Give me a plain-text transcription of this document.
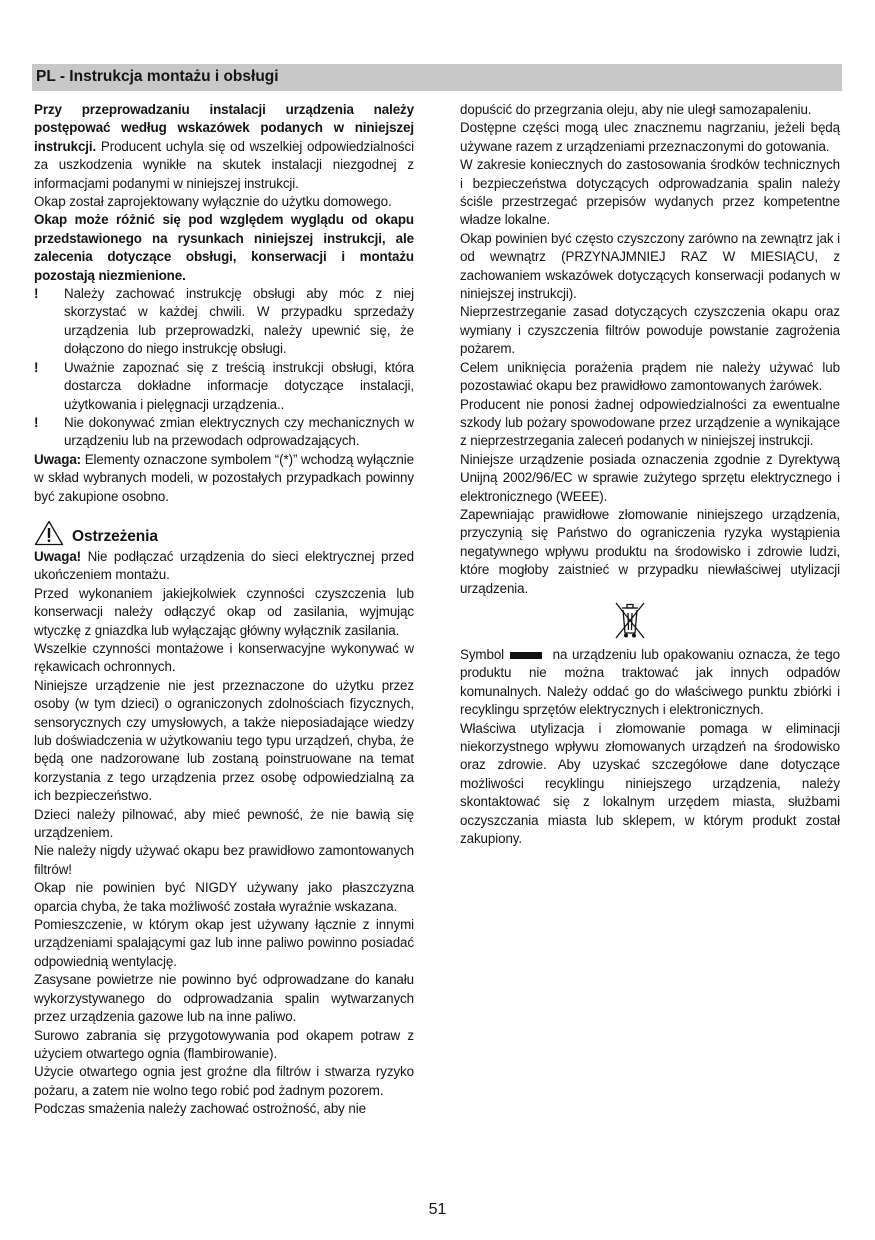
PL - Instrukcja montażu i obsługi

Przy przeprowadzaniu instalacji urządzenia należy postępować według wskazówek podanych w niniejszej instrukcji. Producent uchyla się od wszelkiej odpowiedzialności za uszkodzenia wynikłe na skutek instalacji niezgodnej z informacjami podanymi w niniejszej instrukcji.

Okap został zaprojektowany wyłącznie do użytku domowego.

Okap może różnić się pod względem wyglądu od okapu przedstawionego na rysunkach niniejszej instrukcji, ale zalecenia dotyczące obsługi, konserwacji i montażu pozostają niezmienione.

!	Należy zachować instrukcję obsługi aby móc z niej skorzystać w każdej chwili. W przypadku sprzedaży urządzenia lub przeprowadzki, należy upewnić się, że dołączono do niego instrukcję obsługi.
!	Uważnie zapoznać się z treścią instrukcji obsługi, która dostarcza dokładne informacje dotyczące instalacji, użytkowania i pielęgnacji urządzenia..
!	Nie dokonywać zmian elektrycznych czy mechanicznych w urządzeniu lub na przewodach odprowadzających.

Uwaga: Elementy oznaczone symbolem “(*)” wchodzą wyłącznie w skład wybranych modeli, w pozostałych przypadkach powinny być zakupione osobno.

Ostrzeżenia

Uwaga! Nie podłączać urządzenia do sieci elektrycznej przed ukończeniem montażu.

Przed wykonaniem jakiejkolwiek czynności czyszczenia lub konserwacji należy odłączyć okap od zasilania, wyjmując wtyczkę z gniazdka lub wyłączając główny wyłącznik zasilania.

Wszelkie czynności montażowe i konserwacyjne wykonywać w rękawicach ochronnych.

Niniejsze urządzenie nie jest przeznaczone do użytku przez osoby (w tym dzieci) o ograniczonych zdolnościach fizycznych, sensorycznych czy umysłowych, a także nieposiadające wiedzy lub doświadczenia w użytkowaniu tego typu urządzeń, chyba, że będą one nadzorowane lub zostaną poinstruowane na temat korzystania z tego urządzenia przez osobę odpowiedzialną za ich bezpieczeństwo.

Dzieci należy pilnować, aby mieć pewność, że nie bawią się urządzeniem.

Nie należy nigdy używać okapu bez prawidłowo zamontowanych filtrów!

Okap nie powinien być NIGDY używany jako płaszczyzna oparcia chyba, że taka możliwość została wyraźnie wskazana.

Pomieszczenie, w którym okap jest używany łącznie z innymi urządzeniami spalającymi gaz lub inne paliwo powinno posiadać odpowiednią wentylację.

Zasysane powietrze nie powinno być odprowadzane do kanału wykorzystywanego do odprowadzania spalin wytwarzanych przez urządzenia gazowe lub na inne paliwo.

Surowo zabrania się przygotowywania pod okapem potraw z użyciem otwartego ognia (flambirowanie).

Użycie otwartego ognia jest groźne dla filtrów i stwarza ryzyko pożaru, a zatem nie wolno tego robić pod żadnym pozorem.

Podczas smażenia należy zachować ostrożność, aby nie

dopuścić do przegrzania oleju, aby nie uległ samozapaleniu.

Dostępne części mogą ulec znacznemu nagrzaniu, jeżeli będą używane razem z urządzeniami przeznaczonymi do gotowania.

W zakresie koniecznych do zastosowania środków technicznych i bezpieczeństwa dotyczących odprowadzania spalin należy ściśle przestrzegać przepisów wydanych przez kompetentne władze lokalne.

Okap powinien być często czyszczony zarówno na zewnątrz jak i od wewnątrz (PRZYNAJMNIEJ RAZ W MIESIĄCU, z zachowaniem wskazówek dotyczących konserwacji podanych w niniejszej instrukcji).

Nieprzestrzeganie zasad dotyczących czyszczenia okapu oraz wymiany i czyszczenia filtrów powoduje powstanie zagrożenia pożarem.

Celem uniknięcia porażenia prądem nie należy używać lub pozostawiać okapu bez prawidłowo zamontowanych żarówek.

Producent nie ponosi żadnej odpowiedzialności za ewentualne szkody lub pożary spowodowane przez urządzenie a wynikające z nieprzestrzegania zaleceń podanych w niniejszej instrukcji.

Niniejsze urządzenie posiada oznaczenia zgodnie z Dyrektywą Unijną 2002/96/EC w sprawie zużytego sprzętu elektrycznego i elektronicznego (WEEE).

Zapewniając prawidłowe złomowanie niniejszego urządzenia, przyczynią się Państwo do ograniczenia ryzyka wystąpienia negatywnego wpływu produktu na środowisko i zdrowie ludzi, które mogłoby zaistnieć w przypadku niewłaściwej utylizacji urządzenia.

Symbol	na urządzeniu lub opakowaniu oznacza, że tego produktu nie można traktować jak innych odpadów komunalnych. Należy oddać go do właściwego punktu zbiórki i recyklingu sprzętów elektrycznych i elektronicznych.

Właściwa utylizacja i złomowanie pomaga w eliminacji niekorzystnego wpływu złomowanych urządzeń na środowisko oraz zdrowie. Aby uzyskać szczegółowe dane dotyczące możliwości recyklingu niniejszego urządzenia, należy skontaktować się z lokalnym urzędem miasta, służbami oczyszczania miasta lub sklepem, w którym produkt został zakupiony.

51
